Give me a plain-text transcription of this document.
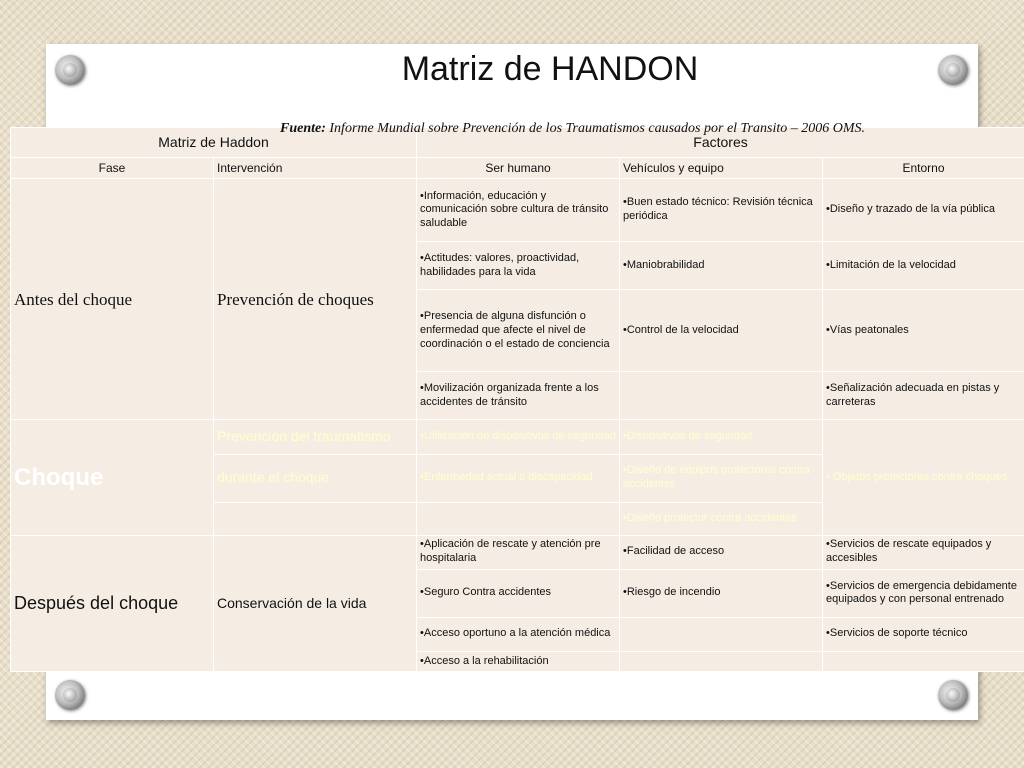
Matriz de HANDON
Fuente: Informe Mundial sobre Prevención de los Traumatismos causados por el Transito – 2006 OMS.
Matriz de Haddon		Factores		
Fase	Intervención	Ser humano	Vehículos y equipo	Entorno
Antes del choque	Prevención de choques	•Información, educación y comunicación sobre cultura de tránsito saludable	•Buen estado técnico: Revisión técnica periódica	•Diseño y trazado de la vía pública
		•Actitudes: valores, proactividad, habilidades para la vida	•Maniobrabilidad	•Limitación de la velocidad
		•Presencia de alguna disfunción o enfermedad que afecte el nivel de coordinación o el estado de conciencia	•Control de la velocidad	•Vías peatonales
		•Movilización organizada frente a los accidentes de tránsito		•Señalización adecuada en pistas y carreteras
Choque	Prevención del traumatismo	•Utilización de dispositivos de seguridad	•Dispositivos de seguridad	• Objetos protectores contra choques
	durante el choque	•Enfermedad actual o discapacidad	•Diseño de equipos protectores contra accidentes	
			•Diseño protector contra accidentes	
Después del choque	Conservación de la vida	•Aplicación de rescate y atención pre hospitalaria	•Facilidad de acceso	•Servicios de rescate equipados y accesibles
		•Seguro Contra accidentes	•Riesgo de incendio	•Servicios de emergencia debidamente equipados y con personal entrenado
		•Acceso oportuno a la atención médica		•Servicios de soporte técnico
		•Acceso a la rehabilitación		
